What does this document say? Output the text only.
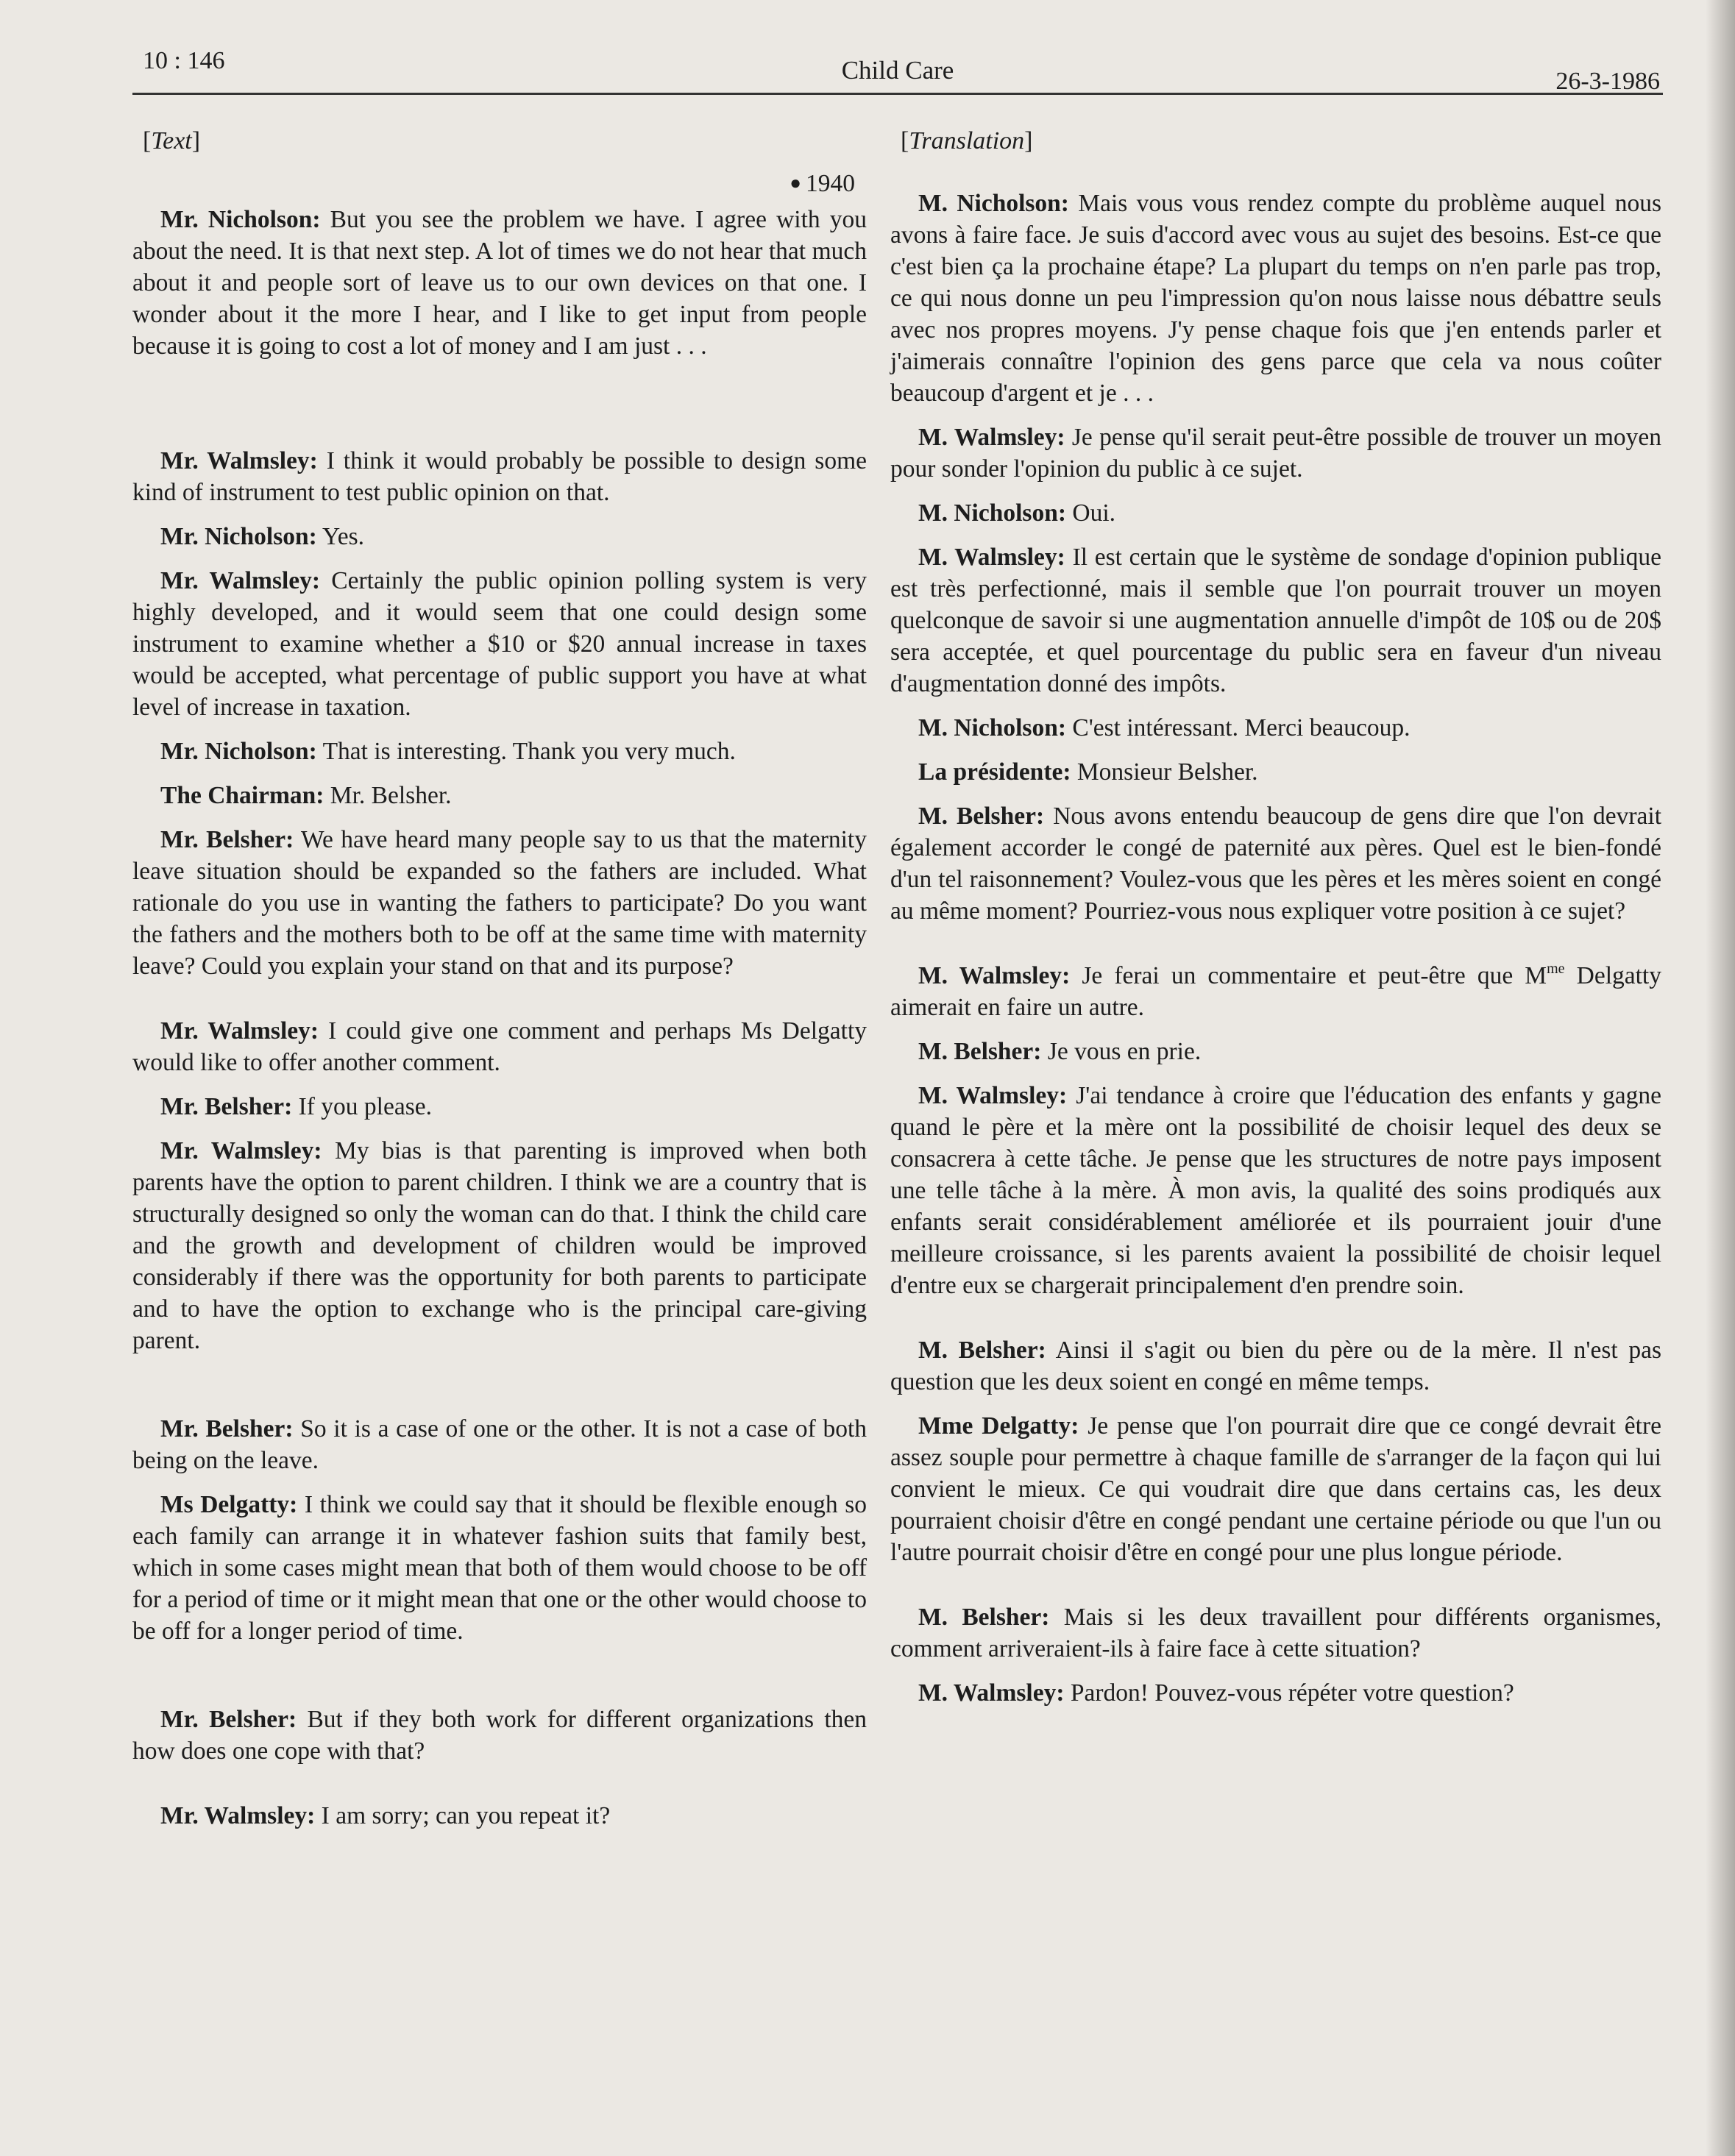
10 : 146	Child Care	26-3-1986
[Text]
● 1940

Mr. Nicholson: But you see the problem we have. I agree with you about the need. It is that next step. A lot of times we do not hear that much about it and people sort of leave us to our own devices on that one. I wonder about it the more I hear, and I like to get input from people because it is going to cost a lot of money and I am just . . .

Mr. Walmsley: I think it would probably be possible to design some kind of instrument to test public opinion on that.

Mr. Nicholson: Yes.

Mr. Walmsley: Certainly the public opinion polling system is very highly developed, and it would seem that one could design some instrument to examine whether a $10 or $20 annual increase in taxes would be accepted, what percentage of public support you have at what level of increase in taxation.

Mr. Nicholson: That is interesting. Thank you very much.

The Chairman: Mr. Belsher.

Mr. Belsher: We have heard many people say to us that the maternity leave situation should be expanded so the fathers are included. What rationale do you use in wanting the fathers to participate? Do you want the fathers and the mothers both to be off at the same time with maternity leave? Could you explain your stand on that and its purpose?

Mr. Walmsley: I could give one comment and perhaps Ms Delgatty would like to offer another comment.

Mr. Belsher: If you please.

Mr. Walmsley: My bias is that parenting is improved when both parents have the option to parent children. I think we are a country that is structurally designed so only the woman can do that. I think the child care and the growth and development of children would be improved considerably if there was the opportunity for both parents to participate and to have the option to exchange who is the principal care-giving parent.

Mr. Belsher: So it is a case of one or the other. It is not a case of both being on the leave.

Ms Delgatty: I think we could say that it should be flexible enough so each family can arrange it in whatever fashion suits that family best, which in some cases might mean that both of them would choose to be off for a period of time or it might mean that one or the other would choose to be off for a longer period of time.

Mr. Belsher: But if they both work for different organizations then how does one cope with that?

Mr. Walmsley: I am sorry; can you repeat it?

[Translation]

M. Nicholson: Mais vous vous rendez compte du problème auquel nous avons à faire face. Je suis d'accord avec vous au sujet des besoins. Est-ce que c'est bien ça la prochaine étape? La plupart du temps on n'en parle pas trop, ce qui nous donne un peu l'impression qu'on nous laisse nous débattre seuls avec nos propres moyens. J'y pense chaque fois que j'en entends parler et j'aimerais connaître l'opinion des gens parce que cela va nous coûter beaucoup d'argent et je . . .

M. Walmsley: Je pense qu'il serait peut-être possible de trouver un moyen pour sonder l'opinion du public à ce sujet.

M. Nicholson: Oui.

M. Walmsley: Il est certain que le système de sondage d'opinion publique est très perfectionné, mais il semble que l'on pourrait trouver un moyen quelconque de savoir si une augmentation annuelle d'impôt de 10$ ou de 20$ sera acceptée, et quel pourcentage du public sera en faveur d'un niveau d'augmentation donné des impôts.

M. Nicholson: C'est intéressant. Merci beaucoup.

La présidente: Monsieur Belsher.

M. Belsher: Nous avons entendu beaucoup de gens dire que l'on devrait également accorder le congé de paternité aux pères. Quel est le bien-fondé d'un tel raisonnement? Voulez-vous que les pères et les mères soient en congé au même moment? Pourriez-vous nous expliquer votre position à ce sujet?

M. Walmsley: Je ferai un commentaire et peut-être que $M^{me}$ Delgatty aimerait en faire un autre.

M. Belsher: Je vous en prie.

M. Walmsley: J'ai tendance à croire que l'éducation des enfants y gagne quand le père et la mère ont la possibilité de choisir lequel des deux se consacrera à cette tâche. Je pense que les structures de notre pays imposent une telle tâche à la mère. À mon avis, la qualité des soins prodiqués aux enfants serait considérablement améliorée et ils pourraient jouir d'une meilleure croissance, si les parents avaient la possibilité de choisir lequel d'entre eux se chargerait principalement d'en prendre soin.

M. Belsher: Ainsi il s'agit ou bien du père ou de la mère. Il n'est pas question que les deux soient en congé en même temps.

Mme Delgatty: Je pense que l'on pourrait dire que ce congé devrait être assez souple pour permettre à chaque famille de s'arranger de la façon qui lui convient le mieux. Ce qui voudrait dire que dans certains cas, les deux pourraient choisir d'être en congé pendant une certaine période ou que l'un ou l'autre pourrait choisir d'être en congé pour une plus longue période.

M. Belsher: Mais si les deux travaillent pour différents organismes, comment arriveraient-ils à faire face à cette situation?

M. Walmsley: Pardon! Pouvez-vous répéter votre question?
